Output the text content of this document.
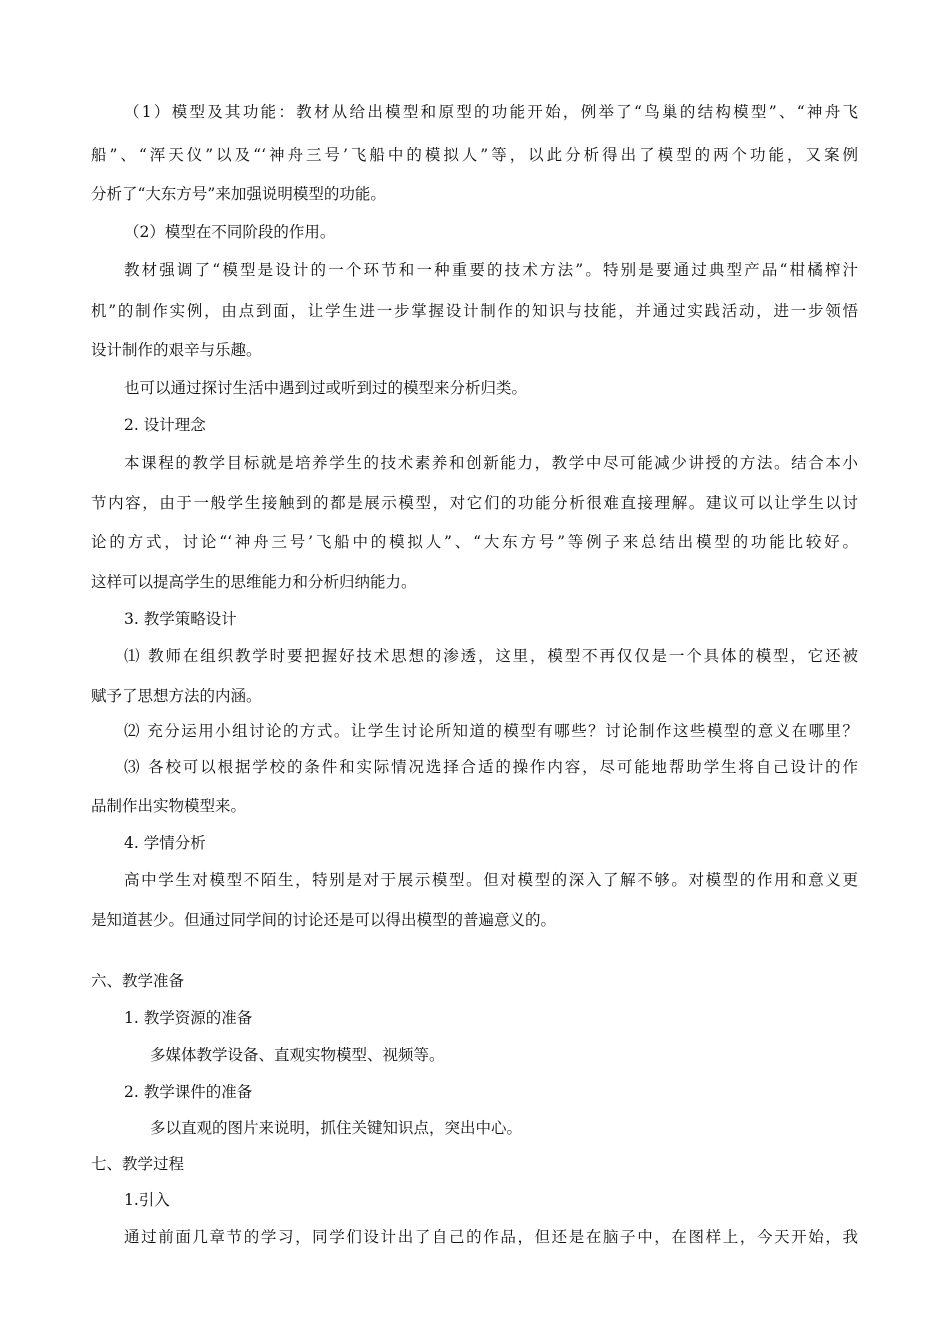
（1）模型及其功能：教材从给出模型和原型的功能开始，例举了“鸟巢的结构模型”、“神舟飞
船”、“浑天仪”以及“‘神舟三号’飞船中的模拟人”等，以此分析得出了模型的两个功能，又案例
分析了“大东方号”来加强说明模型的功能。
（2）模型在不同阶段的作用。
教材强调了“模型是设计的一个环节和一种重要的技术方法”。特别是要通过典型产品“柑橘榨汁
机”的制作实例，由点到面，让学生进一步掌握设计制作的知识与技能，并通过实践活动，进一步领悟
设计制作的艰辛与乐趣。
也可以通过探讨生活中遇到过或听到过的模型来分析归类。
2. 设计理念
本课程的教学目标就是培养学生的技术素养和创新能力，教学中尽可能减少讲授的方法。结合本小
节内容，由于一般学生接触到的都是展示模型，对它们的功能分析很难直接理解。建议可以让学生以讨
论的方式，讨论“‘神舟三号’飞船中的模拟人”、“大东方号”等例子来总结出模型的功能比较好。
这样可以提高学生的思维能力和分析归纳能力。
3. 教学策略设计
⑴ 教师在组织教学时要把握好技术思想的渗透，这里，模型不再仅仅是一个具体的模型，它还被
赋予了思想方法的内涵。
⑵ 充分运用小组讨论的方式。让学生讨论所知道的模型有哪些？讨论制作这些模型的意义在哪里？
⑶ 各校可以根据学校的条件和实际情况选择合适的操作内容，尽可能地帮助学生将自己设计的作
品制作出实物模型来。
4. 学情分析
高中学生对模型不陌生，特别是对于展示模型。但对模型的深入了解不够。对模型的作用和意义更
是知道甚少。但通过同学间的讨论还是可以得出模型的普遍意义的。
六、教学准备
1. 教学资源的准备
多媒体教学设备、直观实物模型、视频等。
2. 教学课件的准备
多以直观的图片来说明，抓住关键知识点，突出中心。
七、教学过程
1.引入
通过前面几章节的学习，同学们设计出了自己的作品，但还是在脑子中，在图样上，今天开始，我
